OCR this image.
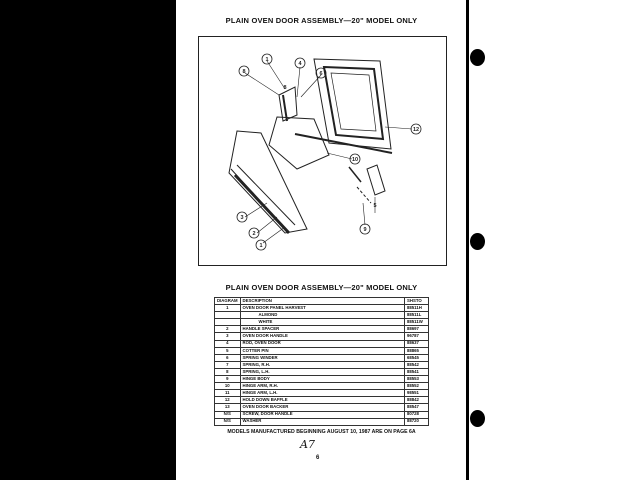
PLAIN OVEN DOOR ASSEMBLY—20" MODEL ONLY
8
1
4
6
12
10
3
2
1
9
8
5
PLAIN OVEN DOOR ASSEMBLY—20" MODEL ONLY
DIAGRAM	DESCRIPTION	SHSTO
1	OVEN DOOR PANEL HARVEST	88511H
	ALMOND	88511L
	WHITE	88511W
2	HANDLE SPACER	88697
3	OVEN DOOR HANDLE	96787
4	ROD, OVEN DOOR	88637
5	COTTER PIN	88865
6	SPRING WINDER	68545
7	SPRING, R.H.	88542
8	SPRING, L.H.	88541
9	HINGE BODY	88553
10	HINGE ARM, R.H.	88552
11	HINGE ARM, L.H.	98551
12	HOLD DOWN BAFFLE	88842
13	OVEN DOOR BACKER	88547
N/S	SCREW, DOOR HANDLE	80728
N/S	WASHER	88720
MODELS MANUFACTURED BEGINNING AUGUST 10, 1987 ARE ON PAGE 6A
A7
6
